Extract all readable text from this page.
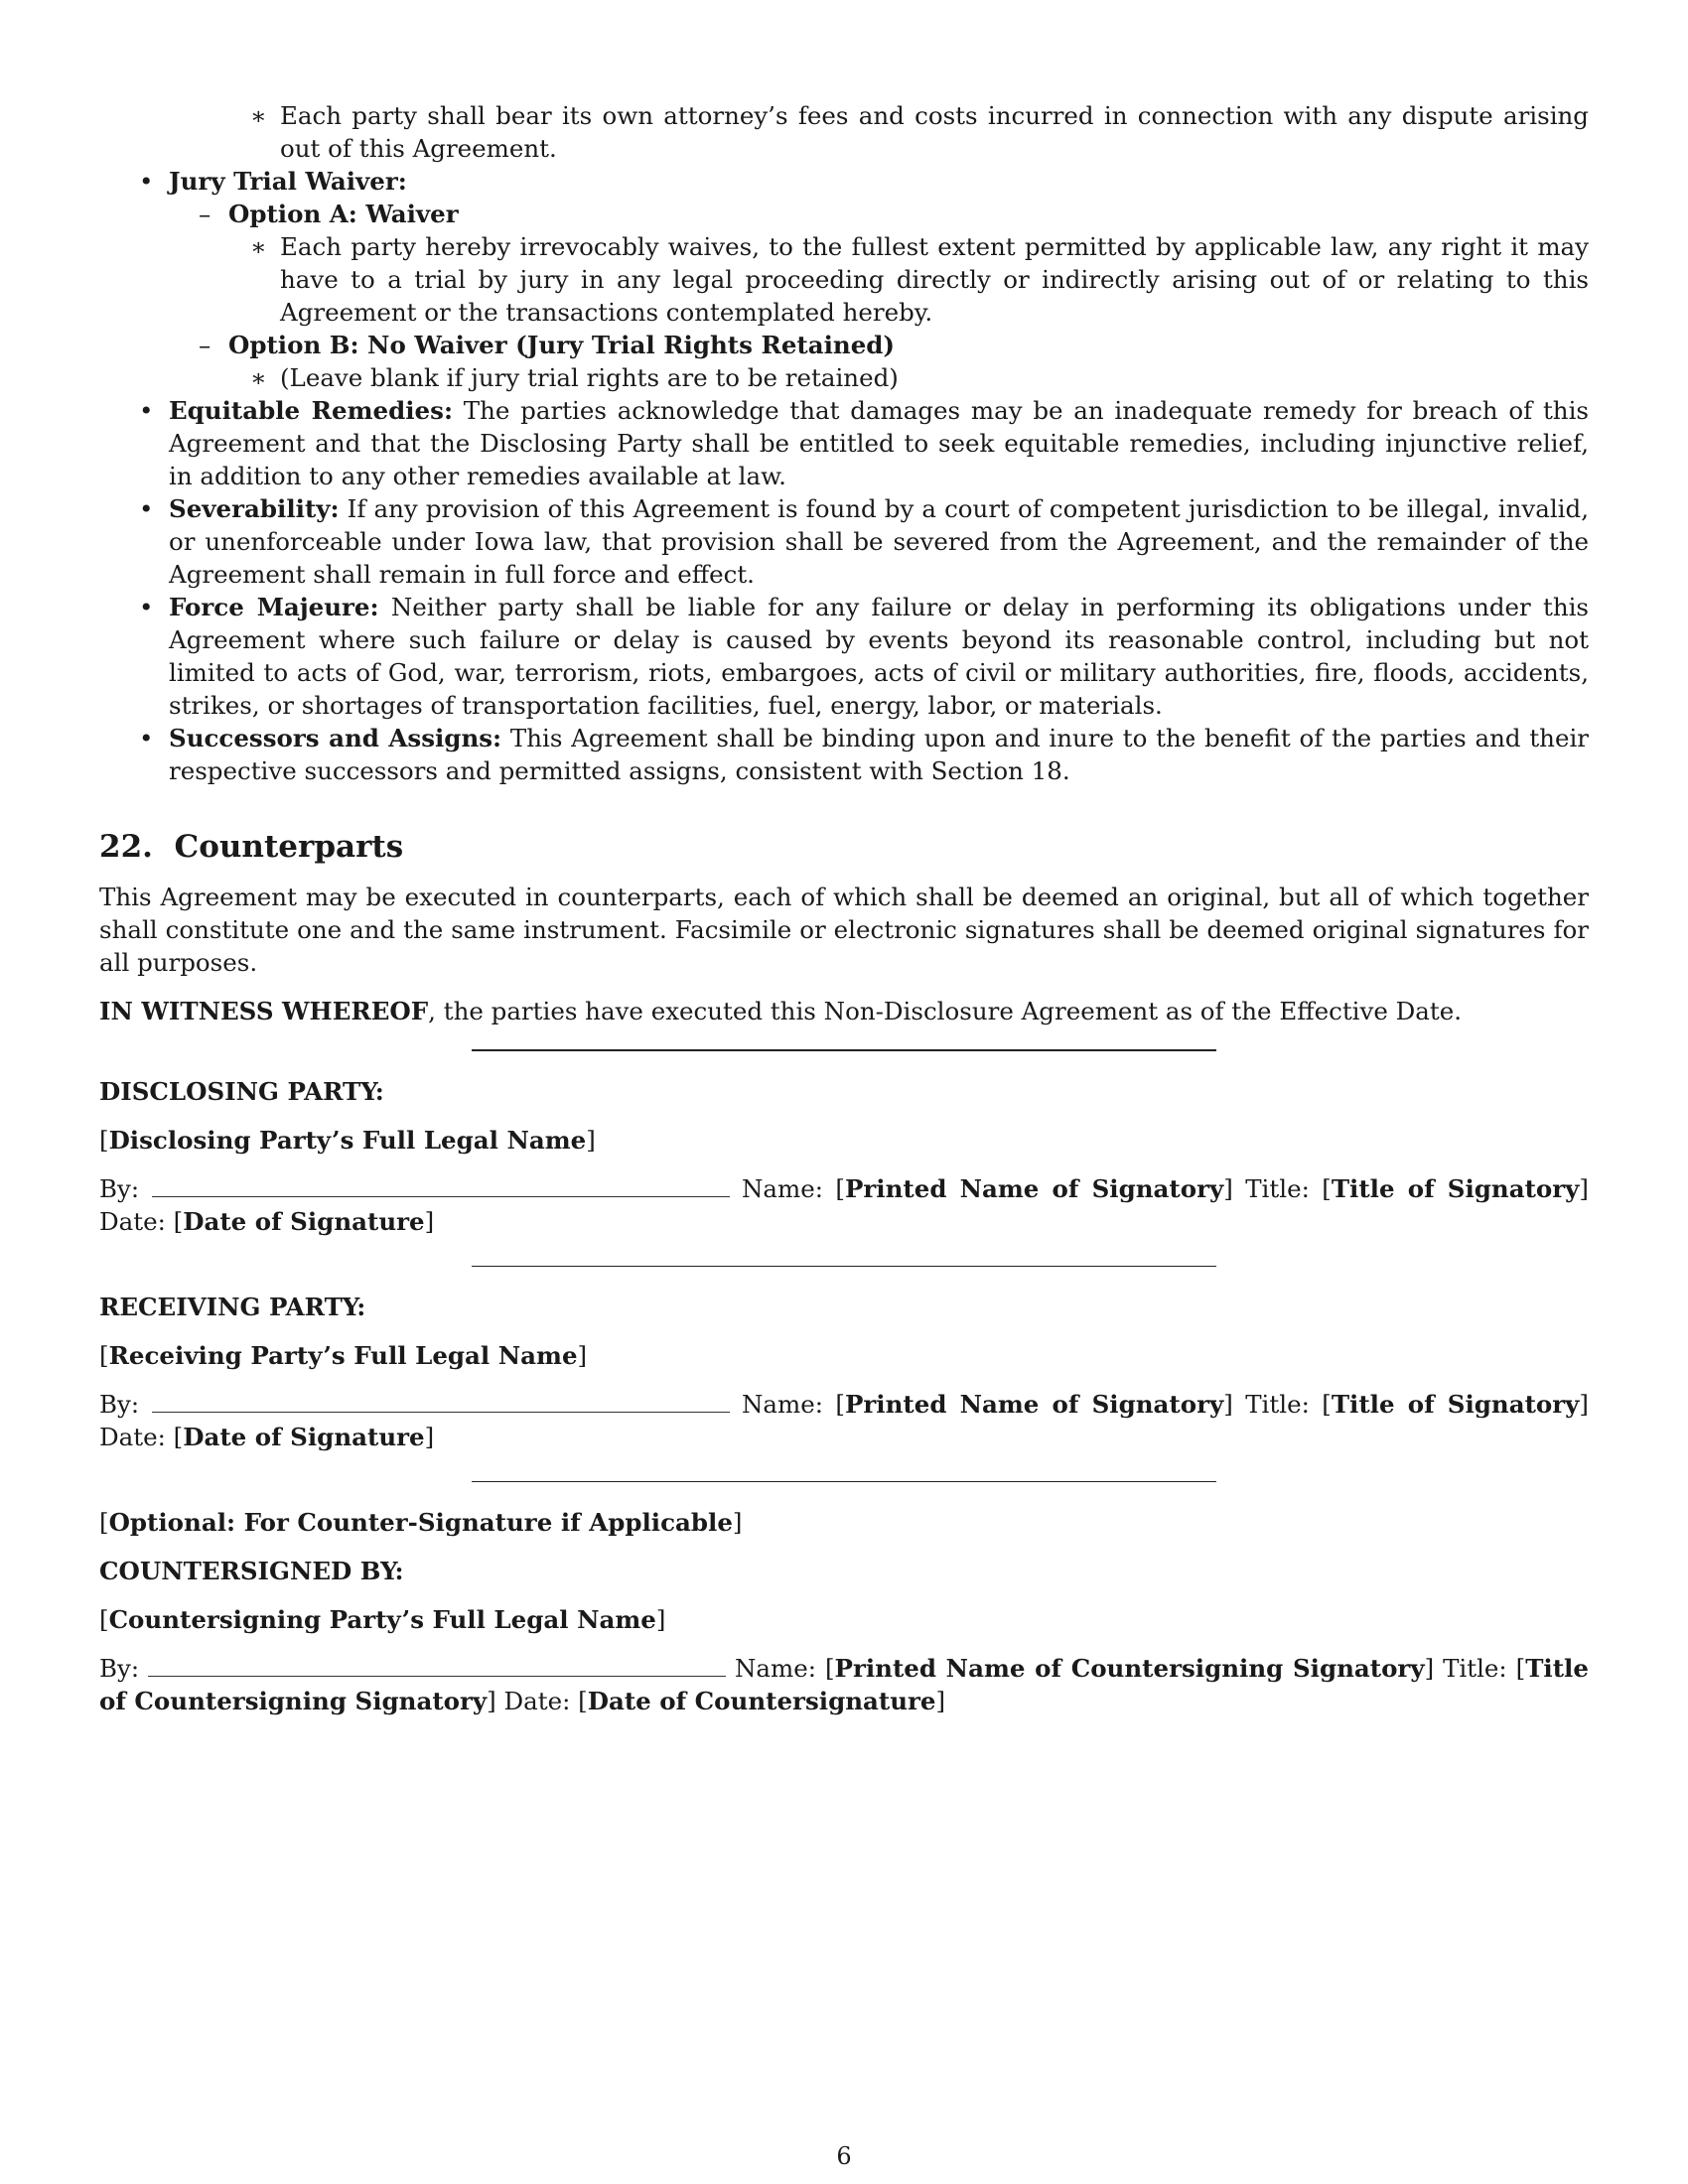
∗ Each party shall bear its own attorney’s fees and costs incurred in connection with any dispute arising out of this Agreement.
• Jury Trial Waiver:
– Option A: Waiver
∗ Each party hereby irrevocably waives, to the fullest extent permitted by applicable law, any right it may have to a trial by jury in any legal proceeding directly or indirectly arising out of or relating to this Agreement or the transactions contemplated hereby.
– Option B: No Waiver (Jury Trial Rights Retained)
∗ (Leave blank if jury trial rights are to be retained)
• Equitable Remedies: The parties acknowledge that damages may be an inadequate remedy for breach of this Agreement and that the Disclosing Party shall be entitled to seek equitable remedies, including injunctive relief, in addition to any other remedies available at law.
• Severability: If any provision of this Agreement is found by a court of competent jurisdiction to be illegal, invalid, or unenforceable under Iowa law, that provision shall be severed from the Agreement, and the remainder of the Agreement shall remain in full force and effect.
• Force Majeure: Neither party shall be liable for any failure or delay in performing its obligations under this Agreement where such failure or delay is caused by events beyond its reasonable control, including but not limited to acts of God, war, terrorism, riots, embargoes, acts of civil or military authorities, fire, floods, accidents, strikes, or shortages of transportation facilities, fuel, energy, labor, or materials.
• Successors and Assigns: This Agreement shall be binding upon and inure to the benefit of the parties and their respective successors and permitted assigns, consistent with Section 18.
22. Counterparts

This Agreement may be executed in counterparts, each of which shall be deemed an original, but all of which together shall constitute one and the same instrument. Facsimile or electronic signatures shall be deemed original signatures for all purposes.

IN WITNESS WHEREOF, the parties have executed this Non-Disclosure Agreement as of the Effective Date.

DISCLOSING PARTY:

[Disclosing Party’s Full Legal Name]

By:	Name: [Printed Name of Signatory] Title: [Title of Signatory] Date: [Date of Signature]

RECEIVING PARTY:

[Receiving Party’s Full Legal Name]

By:	Name: [Printed Name of Signatory] Title: [Title of Signatory] Date: [Date of Signature]

[Optional: For Counter-Signature if Applicable]

COUNTERSIGNED BY:

[Countersigning Party’s Full Legal Name]

By:	Name: [Printed Name of Countersigning Signatory] Title: [Title of Countersigning Signatory] Date: [Date of Countersignature]

6
